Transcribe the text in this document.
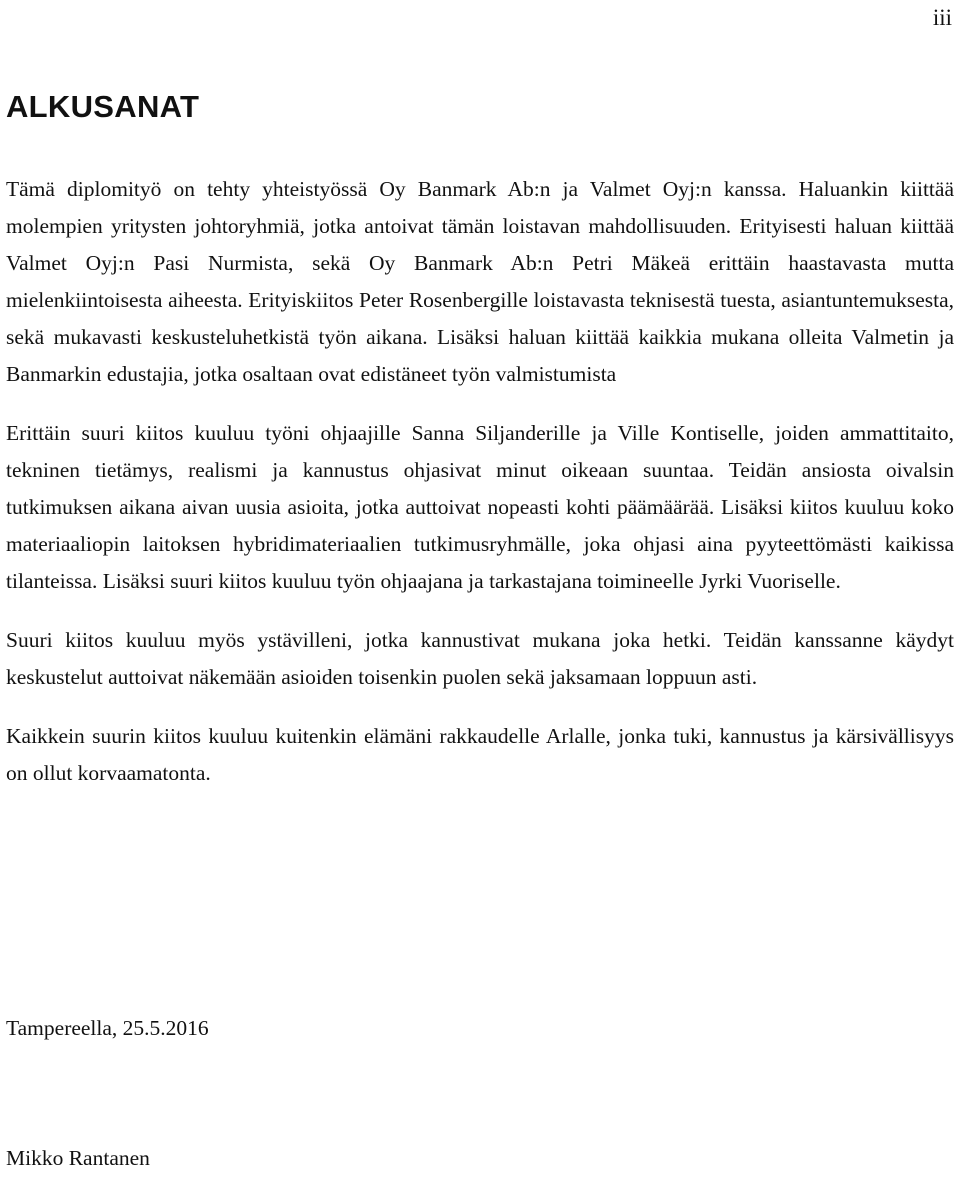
iii
ALKUSANAT

Tämä diplomityö on tehty yhteistyössä Oy Banmark Ab:n ja Valmet Oyj:n kanssa. Haluankin kiittää molempien yritysten johtoryhmiä, jotka antoivat tämän loistavan mahdollisuuden. Erityisesti haluan kiittää Valmet Oyj:n Pasi Nurmista, sekä Oy Banmark Ab:n Petri Mäkeä erittäin haastavasta mutta mielenkiintoisesta aiheesta. Erityiskiitos Peter Rosenbergille loistavasta teknisestä tuesta, asiantuntemuksesta, sekä mukavasti keskusteluhetkistä työn aikana. Lisäksi haluan kiittää kaikkia mukana olleita Valmetin ja Banmarkin edustajia, jotka osaltaan ovat edistäneet työn valmistumista

Erittäin suuri kiitos kuuluu työni ohjaajille Sanna Siljanderille ja Ville Kontiselle, joiden ammattitaito, tekninen tietämys, realismi ja kannustus ohjasivat minut oikeaan suuntaa. Teidän ansiosta oivalsin tutkimuksen aikana aivan uusia asioita, jotka auttoivat nopeasti kohti päämäärää. Lisäksi kiitos kuuluu koko materiaaliopin laitoksen hybridimateriaalien tutkimusryhmälle, joka ohjasi aina pyyteettömästi kaikissa tilanteissa. Lisäksi suuri kiitos kuuluu työn ohjaajana ja tarkastajana toimineelle Jyrki Vuoriselle.

Suuri kiitos kuuluu myös ystävilleni, jotka kannustivat mukana joka hetki. Teidän kanssanne käydyt keskustelut auttoivat näkemään asioiden toisenkin puolen sekä jaksamaan loppuun asti.

Kaikkein suurin kiitos kuuluu kuitenkin elämäni rakkaudelle Arlalle, jonka tuki, kannustus ja kärsivällisyys on ollut korvaamatonta.

Tampereella, 25.5.2016
Mikko Rantanen
